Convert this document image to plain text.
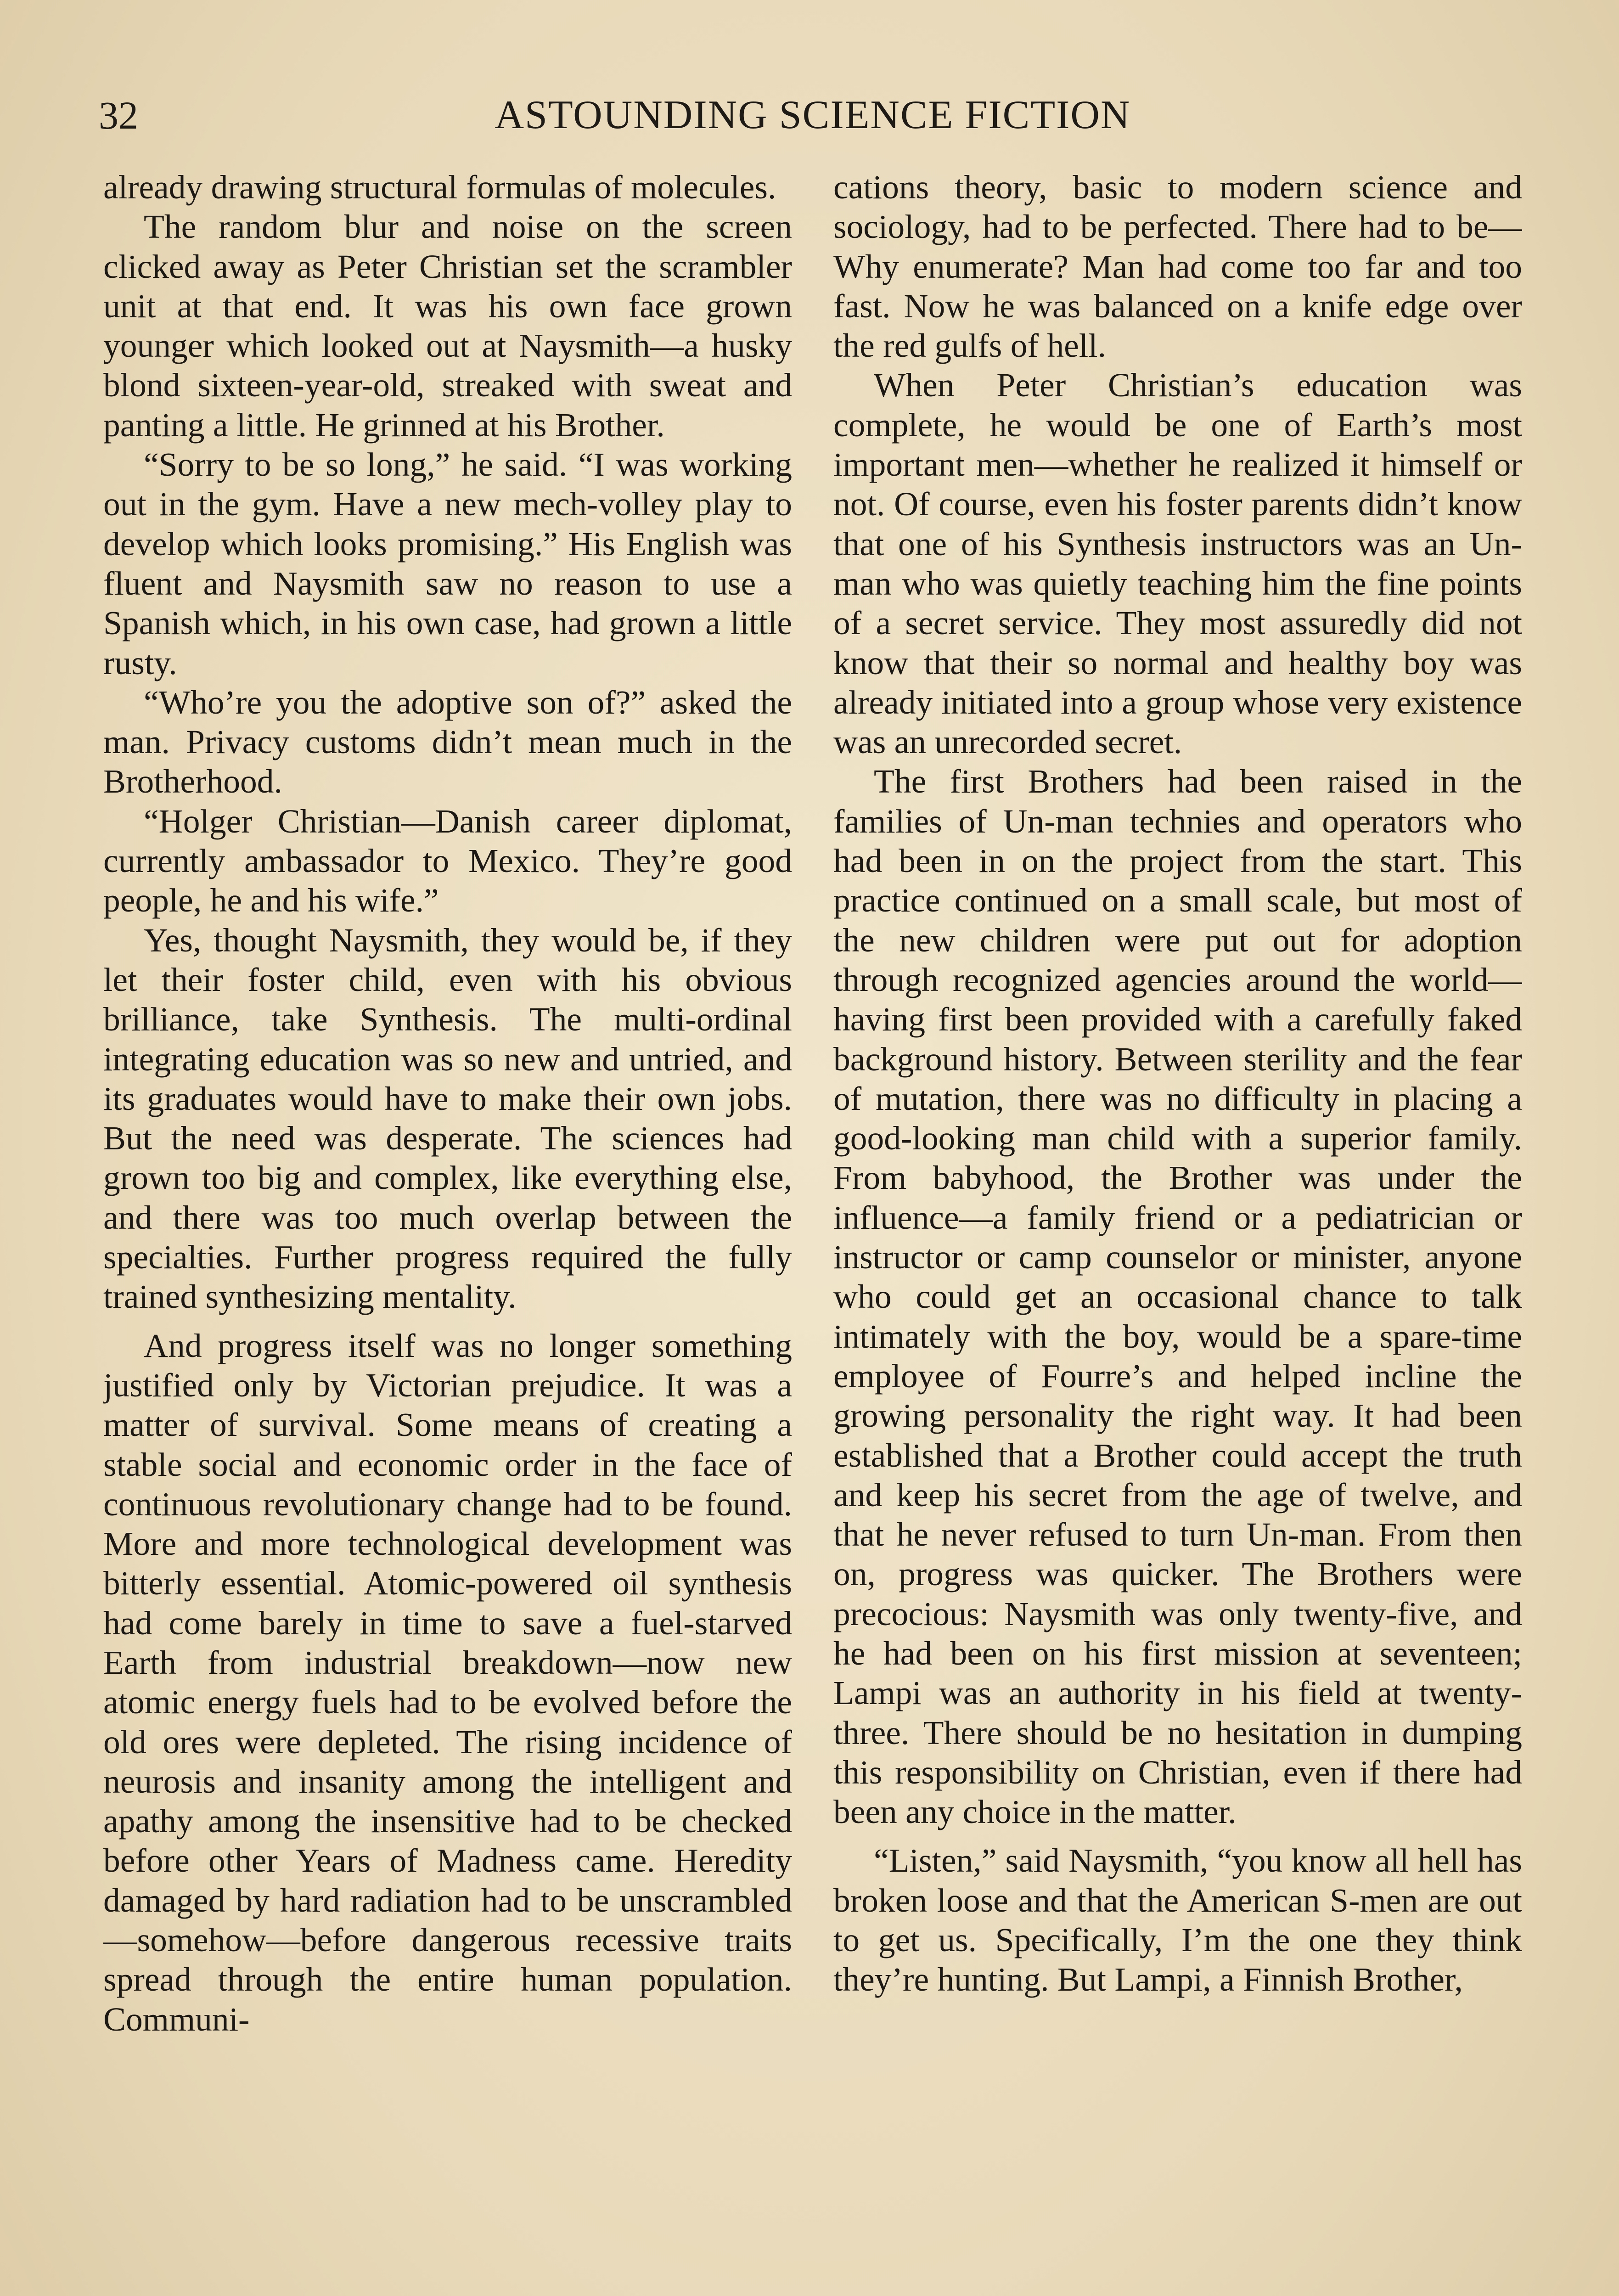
32	ASTOUNDING SCIENCE FICTION

already drawing structural formulas of molecules.

The random blur and noise on the screen clicked away as Peter Christian set the scrambler unit at that end. It was his own face grown younger which looked out at Naysmith—a husky blond sixteen-year-old, streaked with sweat and panting a little. He grinned at his Brother.

“Sorry to be so long,” he said. “I was working out in the gym. Have a new mech-volley play to develop which looks promising.” His English was fluent and Naysmith saw no reason to use a Spanish which, in his own case, had grown a little rusty.

“Who’re you the adoptive son of?” asked the man. Privacy customs didn’t mean much in the Brotherhood.

“Holger Christian—Danish career diplomat, currently ambassador to Mexico. They’re good people, he and his wife.”

Yes, thought Naysmith, they would be, if they let their foster child, even with his obvious brilliance, take Synthesis. The multi-ordinal integrating education was so new and untried, and its graduates would have to make their own jobs. But the need was desperate. The sciences had grown too big and complex, like everything else, and there was too much overlap between the specialties. Further progress required the fully trained synthesizing mentality.

And progress itself was no longer something justified only by Victorian prejudice. It was a matter of survival. Some means of creating a stable social and economic order in the face of continuous revolutionary change had to be found. More and more technological development was bitterly essential. Atomic-powered oil synthesis had come barely in time to save a fuel-starved Earth from industrial breakdown—now new atomic energy fuels had to be evolved before the old ores were depleted. The rising incidence of neurosis and insanity among the intelligent and apathy among the insensitive had to be checked before other Years of Madness came. Heredity damaged by hard radiation had to be unscrambled—somehow—before dangerous recessive traits spread through the entire human population. Communi-

cations theory, basic to modern science and sociology, had to be perfected. There had to be— Why enumerate? Man had come too far and too fast. Now he was balanced on a knife edge over the red gulfs of hell.

When Peter Christian’s education was complete, he would be one of Earth’s most important men—whether he realized it himself or not. Of course, even his foster parents didn’t know that one of his Synthesis instructors was an Un-man who was quietly teaching him the fine points of a secret service. They most assuredly did not know that their so normal and healthy boy was already initiated into a group whose very existence was an unrecorded secret.

The first Brothers had been raised in the families of Un-man technies and operators who had been in on the project from the start. This practice continued on a small scale, but most of the new children were put out for adoption through recognized agencies around the world—having first been provided with a carefully faked background history. Between sterility and the fear of mutation, there was no difficulty in placing a good-looking man child with a superior family. From babyhood, the Brother was under the influence—a family friend or a pediatrician or instructor or camp counselor or minister, anyone who could get an occasional chance to talk intimately with the boy, would be a spare-time employee of Fourre’s and helped incline the growing personality the right way. It had been established that a Brother could accept the truth and keep his secret from the age of twelve, and that he never refused to turn Un-man. From then on, progress was quicker. The Brothers were precocious: Naysmith was only twenty-five, and he had been on his first mission at seventeen; Lampi was an authority in his field at twenty-three. There should be no hesitation in dumping this responsibility on Christian, even if there had been any choice in the matter.

“Listen,” said Naysmith, “you know all hell has broken loose and that the American S-men are out to get us. Specifically, I’m the one they think they’re hunting. But Lampi, a Finnish Brother,
